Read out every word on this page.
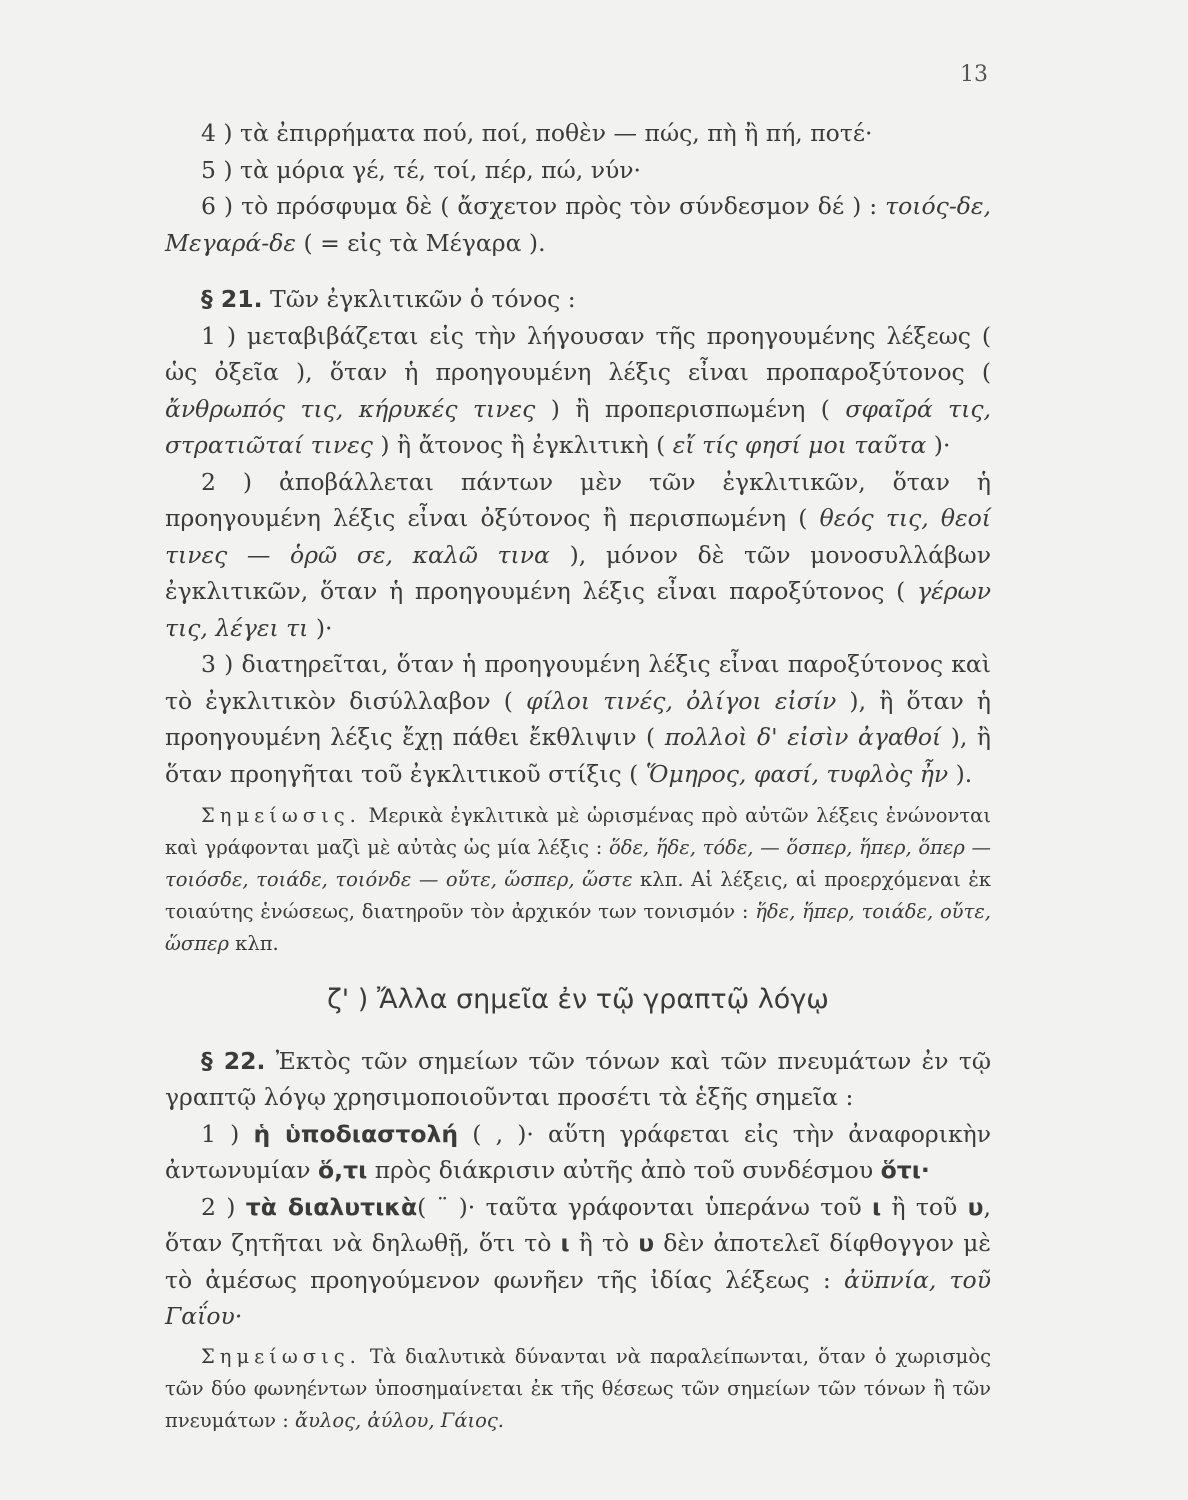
13

4 ) τὰ ἐπιρρήματα πού, ποί, ποθὲν — πώς, πὴ ἢ πή, ποτέ·

5 ) τὰ μόρια γέ, τέ, τοί, πέρ, πώ, νύν·

6 ) τὸ πρόσφυμα δὲ ( ἄσχετον πρὸς τὸν σύνδεσμον δέ ) : τοιός-δε, Μεγαρά-δε ( = εἰς τὰ Μέγαρα ).

§ 21. Τῶν ἐγκλιτικῶν ὁ τόνος :

1 ) μεταβιβάζεται εἰς τὴν λήγουσαν τῆς προηγουμένης λέξεως ( ὡς ὀξεῖα ), ὅταν ἡ προηγουμένη λέξις εἶναι προπαροξύτονος ( ἄνθρωπός τις, κήρυκές τινες ) ἢ προπερισπωμένη ( σφαῖρά τις, στρατιῶταί τινες ) ἢ ἄτονος ἢ ἐγκλιτικὴ ( εἴ τίς φησί μοι ταῦτα )·

2 ) ἀποβάλλεται πάντων μὲν τῶν ἐγκλιτικῶν, ὅταν ἡ προηγουμένη λέξις εἶναι ὀξύτονος ἢ περισπωμένη ( θεός τις, θεοί τινες — ὁρῶ σε, καλῶ τινα ), μόνον δὲ τῶν μονοσυλλάβων ἐγκλιτικῶν, ὅταν ἡ προηγουμένη λέξις εἶναι παροξύτονος ( γέρων τις, λέγει τι )·

3 ) διατηρεῖται, ὅταν ἡ προηγουμένη λέξις εἶναι παροξύτονος καὶ τὸ ἐγκλιτικὸν δισύλλαβον ( φίλοι τινές, ὀλίγοι εἰσίν ), ἢ ὅταν ἡ προηγουμένη λέξις ἔχῃ πάθει ἔκθλιψιν ( πολλοὶ δ' εἰσὶν ἀγαθοί ), ἢ ὅταν προηγῆται τοῦ ἐγκλιτικοῦ στίξις ( Ὅμηρος, φασί, τυφλὸς ἦν ).

Σημείωσις. Μερικὰ ἐγκλιτικὰ μὲ ὡρισμένας πρὸ αὐτῶν λέξεις ἑνώνονται καὶ γράφονται μαζὶ μὲ αὐτὰς ὡς μία λέξις : ὅδε, ἥδε, τόδε, — ὅσπερ, ἥπερ, ὅπερ — τοιόσδε, τοιάδε, τοιόνδε — οὔτε, ὥσπερ, ὥστε κλπ. Αἱ λέξεις, αἱ προερχόμεναι ἐκ τοιαύτης ἑνώσεως, διατηροῦν τὸν ἀρχικόν των τονισμόν : ἥδε, ἥπερ, τοιάδε, οὔτε, ὥσπερ κλπ.

ζ' ) Ἄλλα σημεῖα ἐν τῷ γραπτῷ λόγῳ

§ 22. Ἐκτὸς τῶν σημείων τῶν τόνων καὶ τῶν πνευμάτων ἐν τῷ γραπτῷ λόγῳ χρησιμοποιοῦνται προσέτι τὰ ἑξῆς σημεῖα :

1 ) ἡ ὑποδιαστολή ( , )· αὕτη γράφεται εἰς τὴν ἀναφορικὴν ἀντωνυμίαν ὅ,τι πρὸς διάκρισιν αὐτῆς ἀπὸ τοῦ συνδέσμου ὅτι·

2 ) τὰ διαλυτικὰ( ¨ )· ταῦτα γράφονται ὑπεράνω τοῦ ι ἢ τοῦ υ, ὅταν ζητῆται νὰ δηλωθῇ, ὅτι τὸ ι ἢ τὸ υ δὲν ἀποτελεῖ δίφθογγον μὲ τὸ ἀμέσως προηγούμενον φωνῆεν τῆς ἰδίας λέξεως : ἀϋπνία, τοῦ Γαΐου·

Σημείωσις. Τὰ διαλυτικὰ δύνανται νὰ παραλείπωνται, ὅταν ὁ χωρισμὸς τῶν δύο φωνηέντων ὑποσημαίνεται ἐκ τῆς θέσεως τῶν σημείων τῶν τόνων ἢ τῶν πνευμάτων : ἄυλος, ἀύλου, Γάιος.
